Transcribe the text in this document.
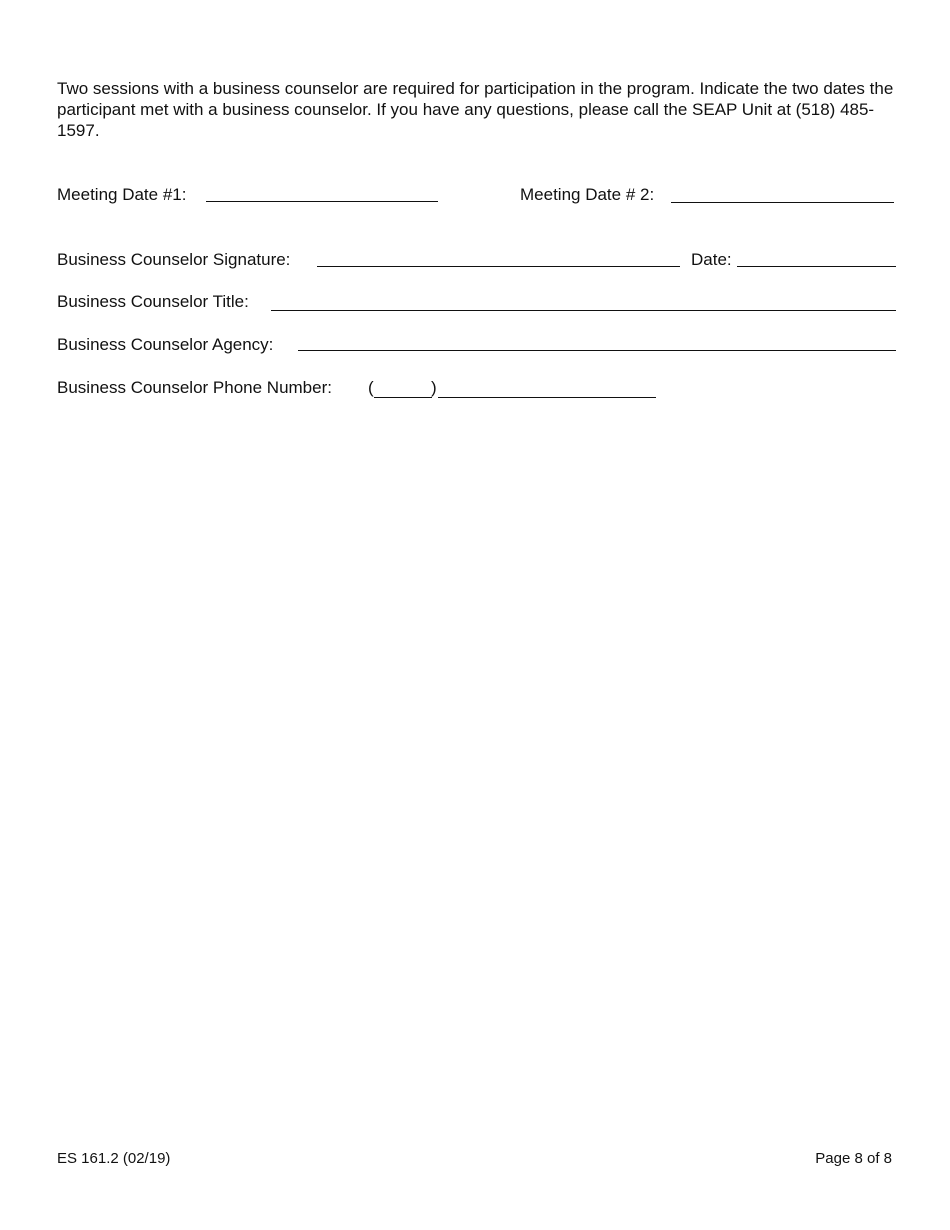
Two sessions with a business counselor are required for participation in the program. Indicate the two dates the participant met with a business counselor. If you have any questions, please call the SEAP Unit at (518) 485-1597.
Meeting Date #1:	Meeting Date # 2:
Business Counselor Signature:	Date:
Business Counselor Title:
Business Counselor Agency:
Business Counselor Phone Number: (	)
ES 161.2 (02/19)	Page 8 of 8
